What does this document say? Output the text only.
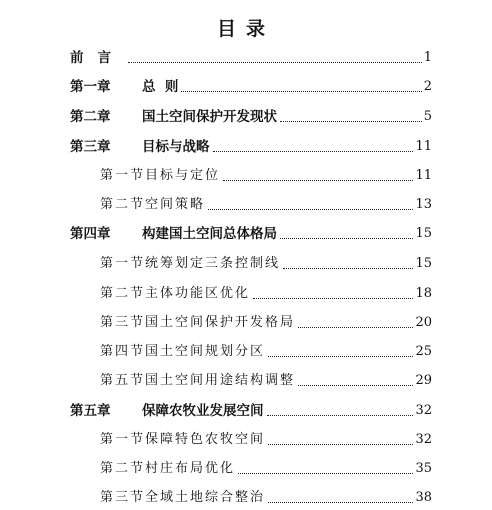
目录
前言	1
第一章	总  则	2
第二章	国土空间保护开发现状	5
第三章	目标与战略	11
第一节目标与定位	11
第二节空间策略	13
第四章	构建国土空间总体格局	15
第一节统筹划定三条控制线	15
第二节主体功能区优化	18
第三节国土空间保护开发格局	20
第四节国土空间规划分区	25
第五节国土空间用途结构调整	29
第五章	保障农牧业发展空间	32
第一节保障特色农牧空间	32
第二节村庄布局优化	35
第三节全域土地综合整治	38
